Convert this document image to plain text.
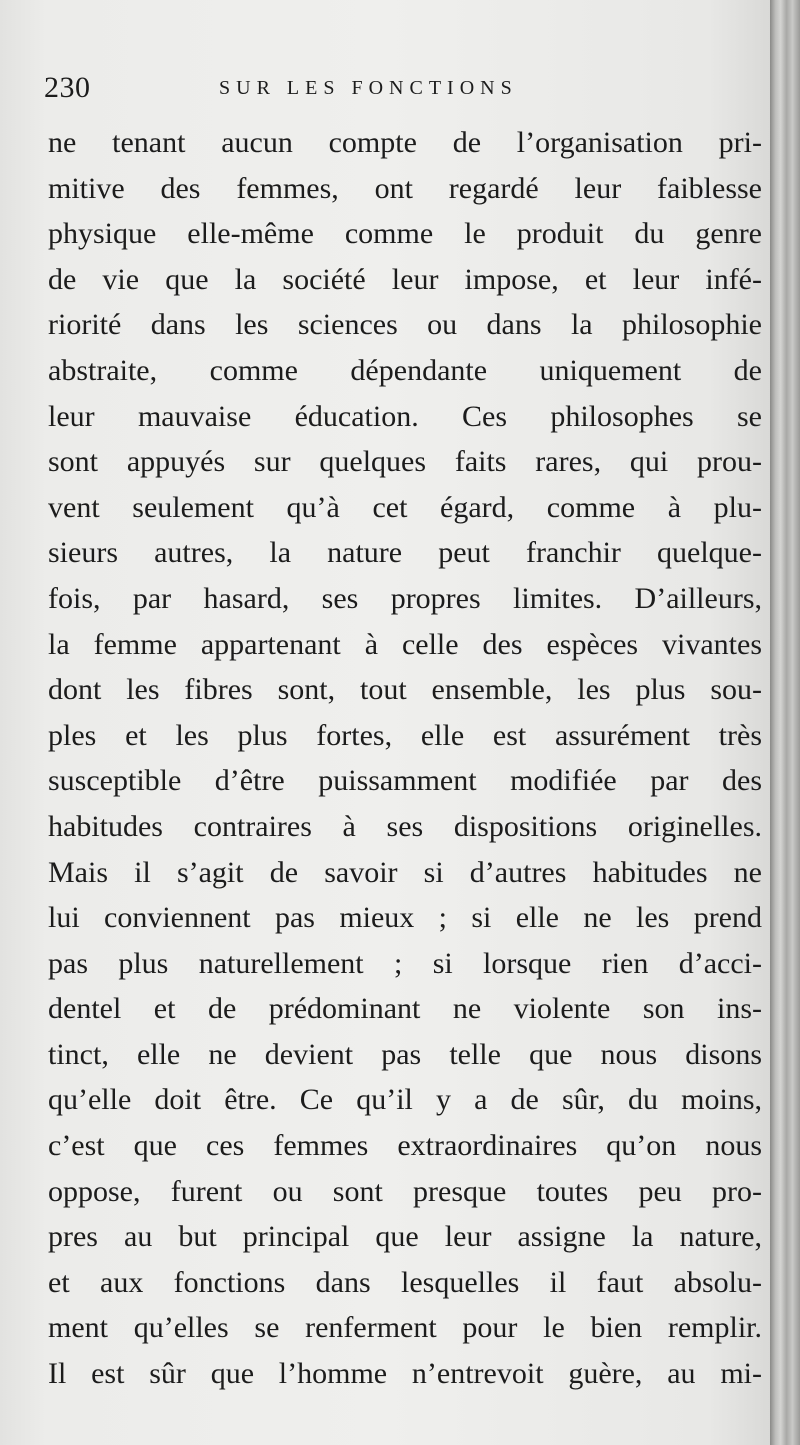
230	SUR LES FONCTIONS
ne tenant aucun compte de l’organisation pri-
mitive des femmes, ont regardé leur faiblesse
physique elle-même comme le produit du genre
de vie que la société leur impose, et leur infé-
riorité dans les sciences ou dans la philosophie
abstraite, comme dépendante uniquement de
leur mauvaise éducation. Ces philosophes se
sont appuyés sur quelques faits rares, qui prou-
vent seulement qu’à cet égard, comme à plu-
sieurs autres, la nature peut franchir quelque-
fois, par hasard, ses propres limites. D’ailleurs,
la femme appartenant à celle des espèces vivantes
dont les fibres sont, tout ensemble, les plus sou-
ples et les plus fortes, elle est assurément très
susceptible d’être puissamment modifiée par des
habitudes contraires à ses dispositions originelles.
Mais il s’agit de savoir si d’autres habitudes ne
lui conviennent pas mieux ; si elle ne les prend
pas plus naturellement ; si lorsque rien d’acci-
dentel et de prédominant ne violente son ins-
tinct, elle ne devient pas telle que nous disons
qu’elle doit être. Ce qu’il y a de sûr, du moins,
c’est que ces femmes extraordinaires qu’on nous
oppose, furent ou sont presque toutes peu pro-
pres au but principal que leur assigne la nature,
et aux fonctions dans lesquelles il faut absolu-
ment qu’elles se renferment pour le bien remplir.
Il est sûr que l’homme n’entrevoit guère, au mi-
